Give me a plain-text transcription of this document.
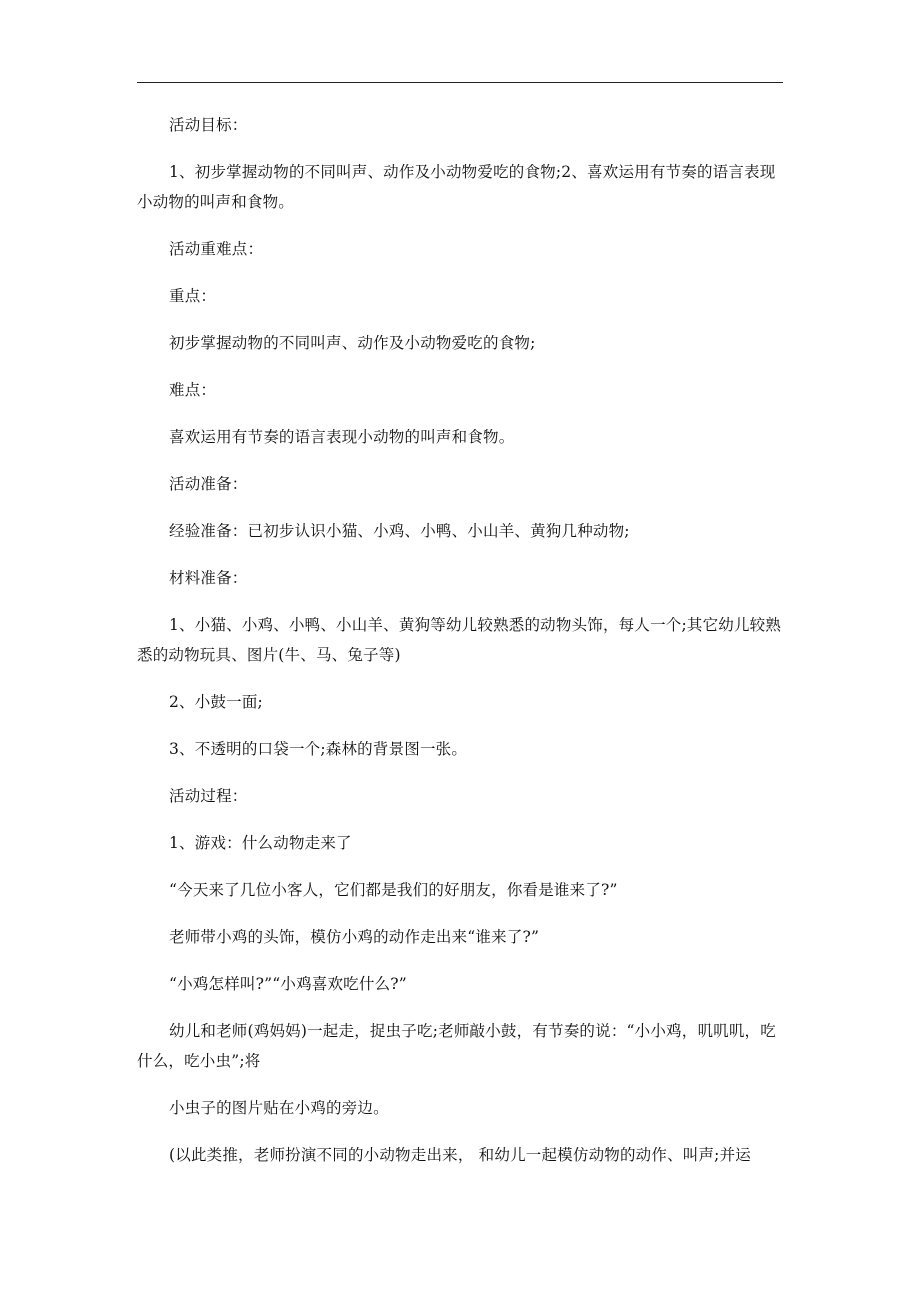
活动目标：

1、初步掌握动物的不同叫声、动作及小动物爱吃的食物;2、喜欢运用有节奏的语言表现小动物的叫声和食物。

活动重难点：

重点：

初步掌握动物的不同叫声、动作及小动物爱吃的食物;

难点：

喜欢运用有节奏的语言表现小动物的叫声和食物。

活动准备：

经验准备：已初步认识小猫、小鸡、小鸭、小山羊、黄狗几种动物;

材料准备：

1、小猫、小鸡、小鸭、小山羊、黄狗等幼儿较熟悉的动物头饰，每人一个;其它幼儿较熟悉的动物玩具、图片(牛、马、兔子等)

2、小鼓一面;

3、不透明的口袋一个;森林的背景图一张。

活动过程：

1、游戏：什么动物走来了

“今天来了几位小客人，它们都是我们的好朋友，你看是谁来了?”

老师带小鸡的头饰，模仿小鸡的动作走出来“谁来了?”

“小鸡怎样叫?”“小鸡喜欢吃什么?”

幼儿和老师(鸡妈妈)一起走，捉虫子吃;老师敲小鼓，有节奏的说：“小小鸡，叽叽叽，吃什么，吃小虫”;将

小虫子的图片贴在小鸡的旁边。

(以此类推，老师扮演不同的小动物走出来， 和幼儿一起模仿动物的动作、叫声;并运
